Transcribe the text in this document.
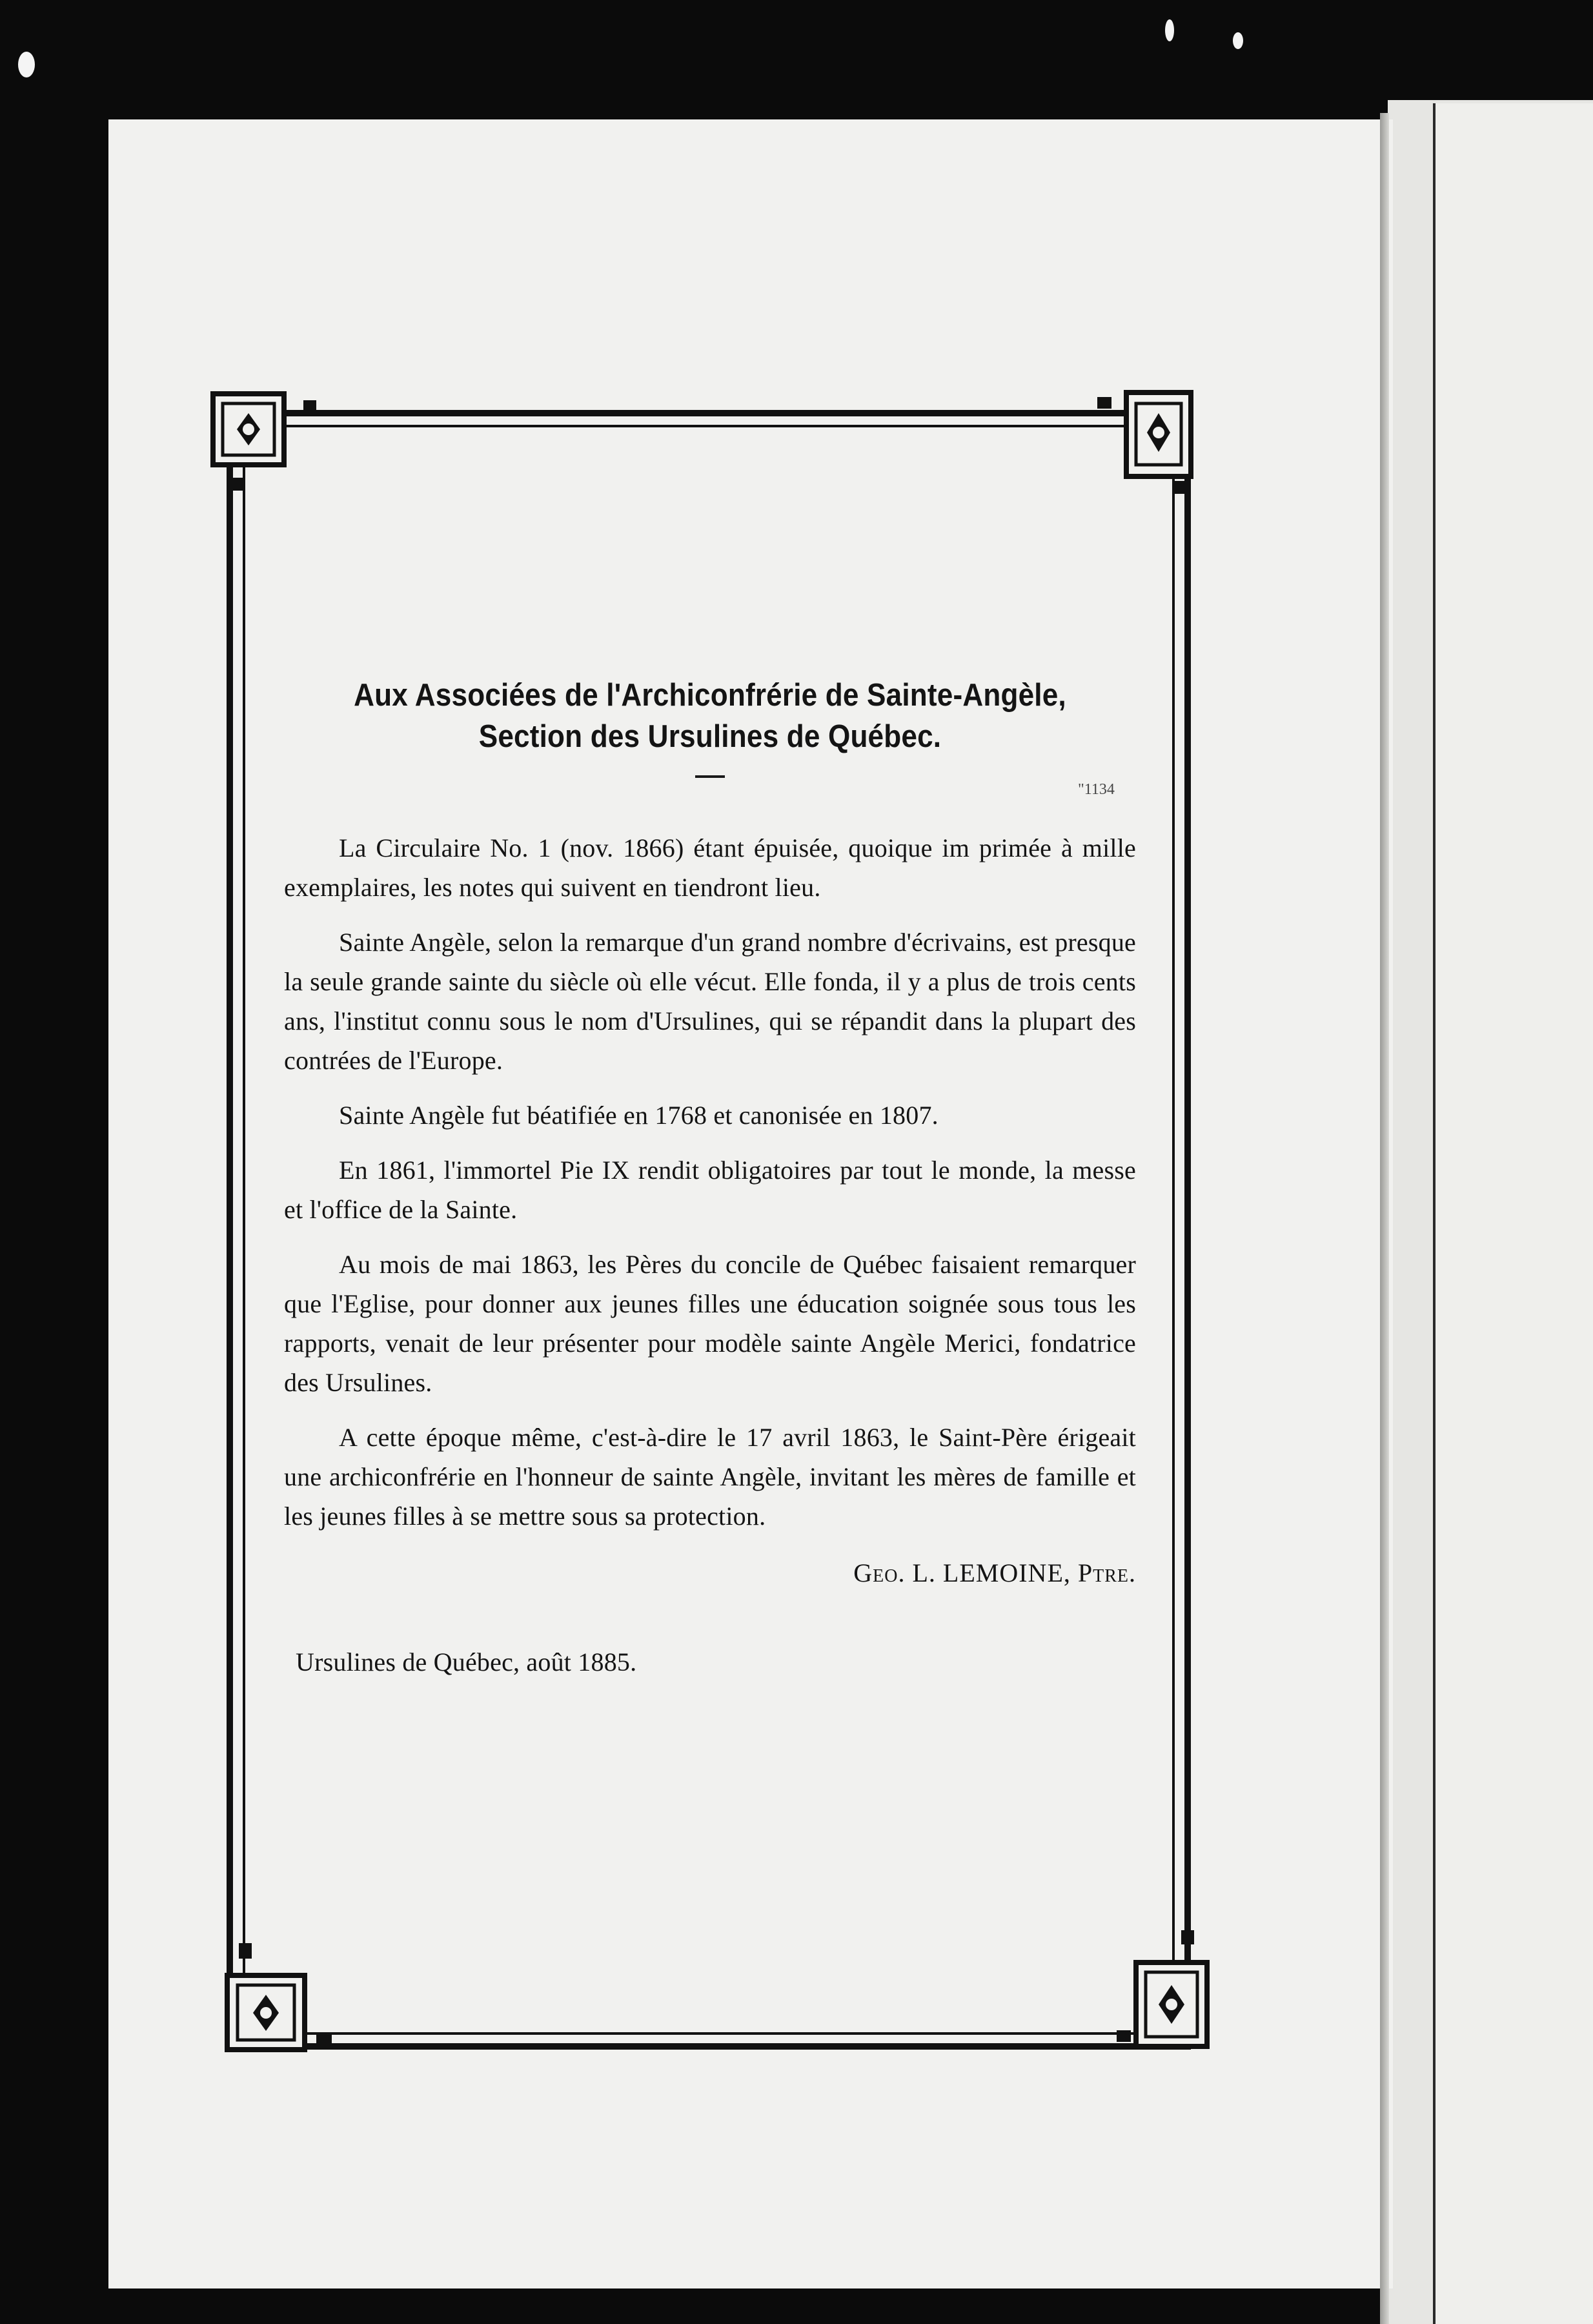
"1134
Aux Associées de l'Archiconfrérie de Sainte-Angèle,
Section des Ursulines de Québec.

La Circulaire No. 1 (nov. 1866) étant épuisée, quoique im primée à mille exemplaires, les notes qui suivent en tiendront lieu.

Sainte Angèle, selon la remarque d'un grand nombre d'écrivains, est presque la seule grande sainte du siècle où elle vécut. Elle fonda, il y a plus de trois cents ans, l'institut connu sous le nom d'Ursulines, qui se répandit dans la plupart des contrées de l'Europe.

Sainte Angèle fut béatifiée en 1768 et canonisée en 1807.

En 1861, l'immortel Pie IX rendit obligatoires par tout le monde, la messe et l'office de la Sainte.

Au mois de mai 1863, les Pères du concile de Québec faisaient remarquer que l'Eglise, pour donner aux jeunes filles une éducation soignée sous tous les rapports, venait de leur présenter pour modèle sainte Angèle Merici, fondatrice des Ursulines.

A cette époque même, c'est-à-dire le 17 avril 1863, le Saint-Père érigeait une archiconfrérie en l'honneur de sainte Angèle, invitant les mères de famille et les jeunes filles à se mettre sous sa protection.

Geo. L. LEMOINE, Ptre.

Ursulines de Québec, août 1885.
